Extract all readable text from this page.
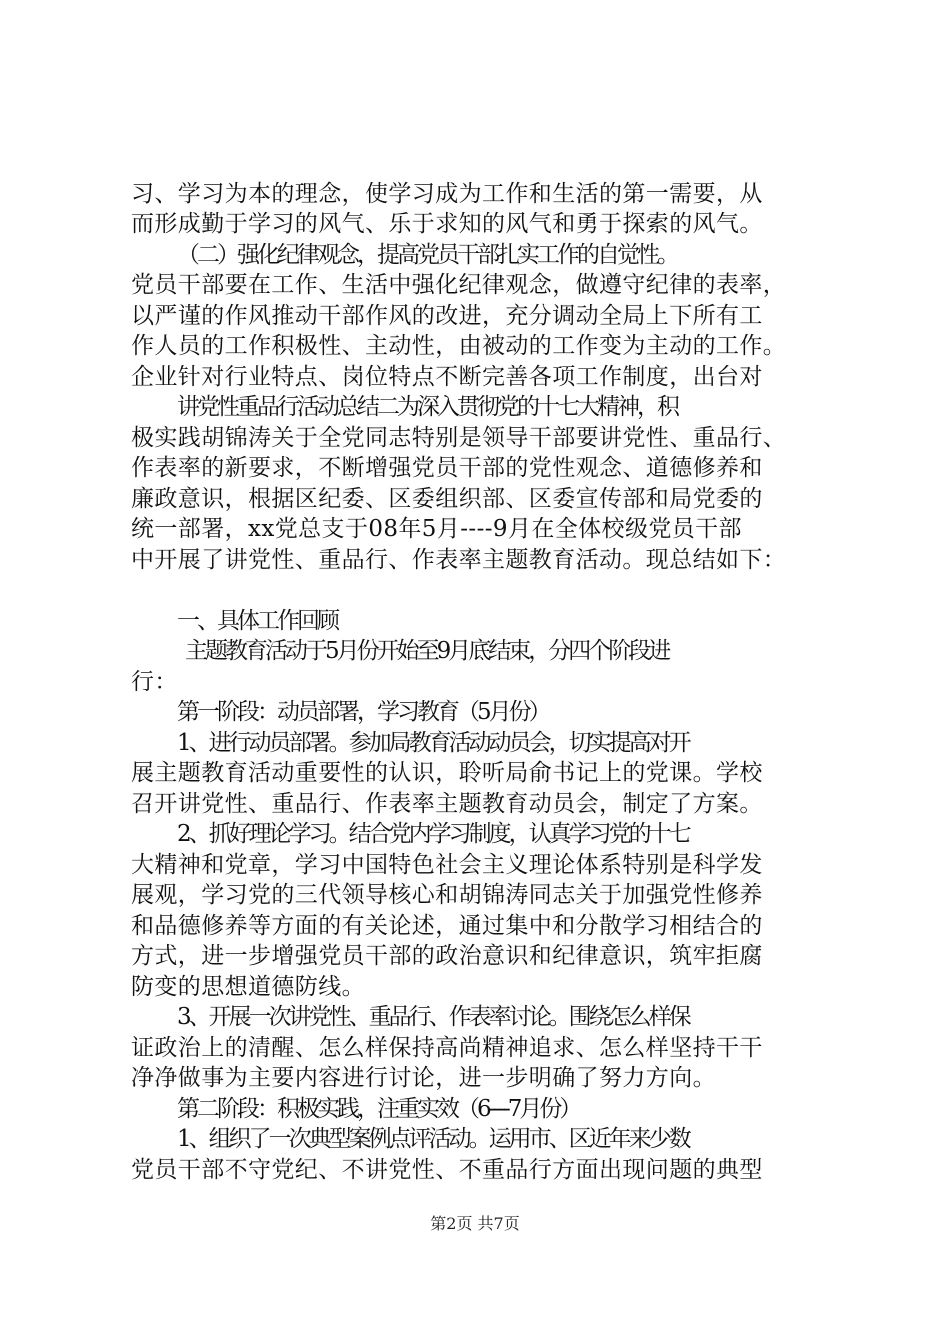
习、学习为本的理念，使学习成为工作和生活的第一需要，从
而形成勤于学习的风气、乐于求知的风气和勇于探索的风气。
（二）强化纪律观念，提高党员干部扎实工作的自觉性。
党员干部要在工作、生活中强化纪律观念，做遵守纪律的表率，
以严谨的作风推动干部作风的改进，充分调动全局上下所有工
作人员的工作积极性、主动性，由被动的工作变为主动的工作。
企业针对行业特点、岗位特点不断完善各项工作制度，出台对
讲党性重品行活动总结二为深入贯彻党的十七大精神，积
极实践胡锦涛关于全党同志特别是领导干部要讲党性、重品行、
作表率的新要求，不断增强党员干部的党性观念、道德修养和
廉政意识，根据区纪委、区委组织部、区委宣传部和局党委的
统一部署，xx党总支于08年5月----9月在全体校级党员干部
中开展了讲党性、重品行、作表率主题教育活动。现总结如下：
一、具体工作回顾
主题教育活动于5月份开始至9月底结束，分四个阶段进
行：
第一阶段：动员部署，学习教育（5月份）
1、进行动员部署。参加局教育活动动员会，切实提高对开
展主题教育活动重要性的认识，聆听局俞书记上的党课。学校
召开讲党性、重品行、作表率主题教育动员会，制定了方案。
2、抓好理论学习。结合党内学习制度，认真学习党的十七
大精神和党章，学习中国特色社会主义理论体系特别是科学发
展观，学习党的三代领导核心和胡锦涛同志关于加强党性修养
和品德修养等方面的有关论述，通过集中和分散学习相结合的
方式，进一步增强党员干部的政治意识和纪律意识，筑牢拒腐
防变的思想道德防线。
3、开展一次讲党性、重品行、作表率讨论。围绕怎么样保
证政治上的清醒、怎么样保持高尚精神追求、怎么样坚持干干
净净做事为主要内容进行讨论，进一步明确了努力方向。
第二阶段：积极实践，注重实效（6----7月份）
1、组织了一次典型案例点评活动。运用市、区近年来少数
党员干部不守党纪、不讲党性、不重品行方面出现问题的典型
第2页 共7页
